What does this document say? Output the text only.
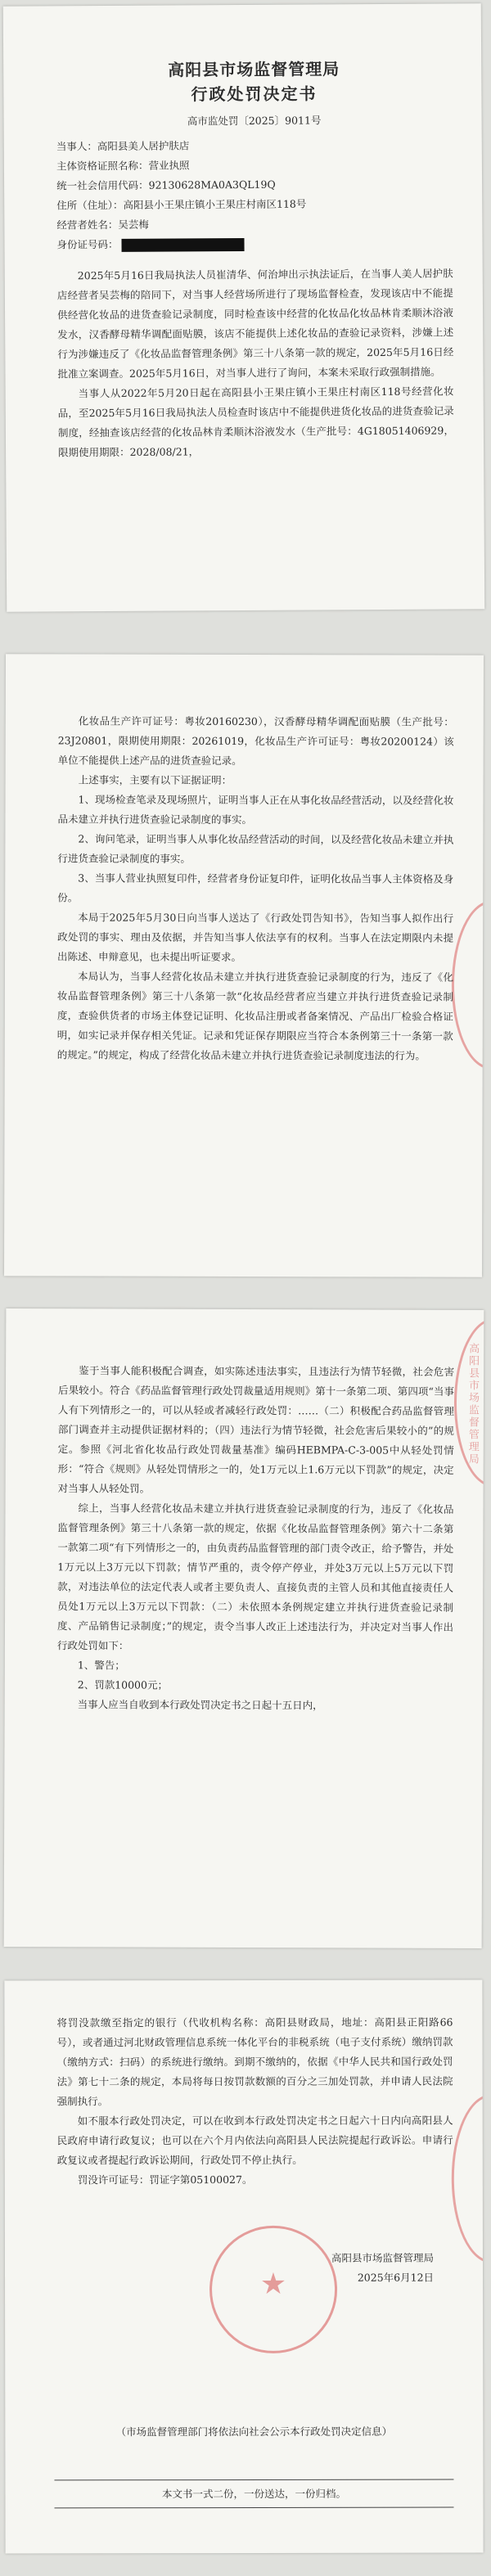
高阳县市场监督管理局
行政处罚决定书
高市监处罚〔2025〕9011号

当事人：高阳县美人居护肤店

主体资格证照名称：营业执照

统一社会信用代码：92130628MA0A3QL19Q

住所（住址）：高阳县小王果庄镇小王果庄村南区118号

经营者姓名：吴芸梅

身份证号码：

2025年5月16日我局执法人员崔清华、何治坤出示执法证后，在当事人美人居护肤店经营者吴芸梅的陪同下，对当事人经营场所进行了现场监督检查，发现该店中不能提供经营化妆品的进货查验记录制度，同时检查该中经营的化妆品化妆品林肯柔顺沐浴液发水，汉香酵母精华调配面贴膜，该店不能提供上述化妆品的查验记录资料，涉嫌上述行为涉嫌违反了《化妆品监督管理条例》第三十八条第一款的规定，2025年5月16日经批准立案调查。2025年5月16日，对当事人进行了询问，本案未采取行政强制措施。

当事人从2022年5月20日起在高阳县小王果庄镇小王果庄村南区118号经营化妆品，至2025年5月16日我局执法人员检查时该店中不能提供进货化妆品的进货查验记录制度，经抽查该店经营的化妆品林肯柔顺沐浴液发水（生产批号：4G18051406929，限期使用期限：2028/08/21，

化妆品生产许可证号：粤妆20160230），汉香酵母精华调配面贴膜（生产批号：23J20801，限期使用期限：20261019，化妆品生产许可证号：粤妆20200124）该单位不能提供上述产品的进货查验记录。

上述事实，主要有以下证据证明：

1、现场检查笔录及现场照片，证明当事人正在从事化妆品经营活动，以及经营化妆品未建立并执行进货查验记录制度的事实。

2、询问笔录，证明当事人从事化妆品经营活动的时间，以及经营化妆品未建立并执行进货查验记录制度的事实。

3、当事人营业执照复印件，经营者身份证复印件，证明化妆品当事人主体资格及身份。

本局于2025年5月30日向当事人送达了《行政处罚告知书》，告知当事人拟作出行政处罚的事实、理由及依据，并告知当事人依法享有的权利。当事人在法定期限内未提出陈述、申辩意见，也未提出听证要求。

本局认为，当事人经营化妆品未建立并执行进货查验记录制度的行为，违反了《化妆品监督管理条例》第三十八条第一款“化妆品经营者应当建立并执行进货查验记录制度，查验供货者的市场主体登记证明、化妆品注册或者备案情况、产品出厂检验合格证明，如实记录并保存相关凭证。记录和凭证保存期限应当符合本条例第三十一条第一款的规定。”的规定，构成了经营化妆品未建立并执行进货查验记录制度违法的行为。

高阳县市场监督管理局

鉴于当事人能积极配合调查，如实陈述违法事实，且违法行为情节轻微，社会危害后果较小。符合《药品监督管理行政处罚裁量适用规则》第十一条第二项、第四项“当事人有下列情形之一的，可以从轻或者减轻行政处罚：……（二）积极配合药品监督管理部门调查并主动提供证据材料的；（四）违法行为情节轻微，社会危害后果较小的”的规定。参照《河北省化妆品行政处罚裁量基准》编码HEBMPA-C-3-005中从轻处罚情形：“符合《规则》从轻处罚情形之一的，处1万元以上1.6万元以下罚款”的规定，决定对当事人从轻处罚。

综上，当事人经营化妆品未建立并执行进货查验记录制度的行为，违反了《化妆品监督管理条例》第三十八条第一款的规定，依据《化妆品监督管理条例》第六十二条第一款第二项“有下列情形之一的，由负责药品监督管理的部门责令改正，给予警告，并处1万元以上3万元以下罚款；情节严重的，责令停产停业，并处3万元以上5万元以下罚款，对违法单位的法定代表人或者主要负责人、直接负责的主管人员和其他直接责任人员处1万元以上3万元以下罚款：（二）未依照本条例规定建立并执行进货查验记录制度、产品销售记录制度；”的规定，责令当事人改正上述违法行为，并决定对当事人作出行政处罚如下：

1、警告；

2、罚款10000元；

当事人应当自收到本行政处罚决定书之日起十五日内，

将罚没款缴至指定的银行（代收机构名称：高阳县财政局，地址：高阳县正阳路66号），或者通过河北财政管理信息系统一体化平台的非税系统（电子支付系统）缴纳罚款（缴纳方式：扫码）的系统进行缴纳。到期不缴纳的，依据《中华人民共和国行政处罚法》第七十二条的规定，本局将每日按罚款数额的百分之三加处罚款，并申请人民法院强制执行。

如不服本行政处罚决定，可以在收到本行政处罚决定书之日起六十日内向高阳县人民政府申请行政复议；也可以在六个月内依法向高阳县人民法院提起行政诉讼。申请行政复议或者提起行政诉讼期间，行政处罚不停止执行。

罚没许可证号：罚证字第05100027。

★
高阳县市场监督管理局
2025年6月12日
（市场监督管理部门将依法向社会公示本行政处罚决定信息）
本文书一式二份，一份送达，一份归档。
